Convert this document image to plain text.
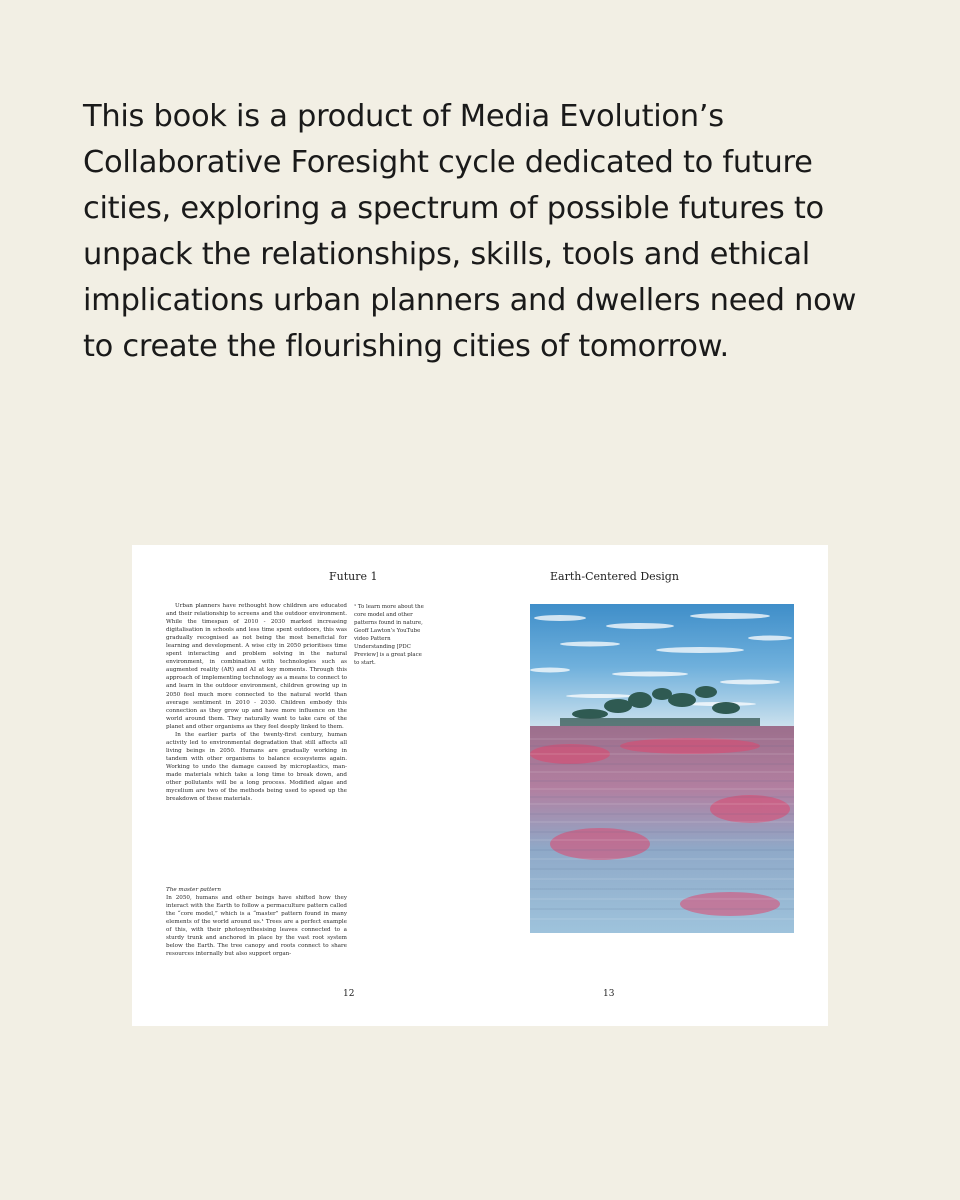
This book is a product of Media Evolution’s Collaborative Foresight cycle dedicated to future cities, exploring a spectrum of possible futures to unpack the relationships, skills, tools and ethical implications urban planners and dwellers need now to create the flourishing cities of tomorrow.

Future 1	Earth-Centered Design

Urban planners have rethought how children are educated and their relationship to screens and the outdoor environment. While the timespan of 2010 - 2030 marked increasing digitalisation in schools and less time spent outdoors, this was gradually recognised as not being the most beneficial for learning and development. A wise city in 2050 prioritises time spent interacting and problem solving in the natural environment, in combination with technologies such as augmented reality (AR) and AI at key moments. Through this approach of implementing technology as a means to connect to and learn in the outdoor environment, children growing up in 2050 feel much more connected to the natural world than average sentiment in 2010 - 2030. Children embody this connection as they grow up and have more influence on the world around them. They naturally want to take care of the planet and other organisms as they feel deeply linked to them.

In the earlier parts of the twenty-first century, human activity led to environmental degradation that still affects all living beings in 2050. Humans are gradually working in tandem with other organisms to balance ecosystems again. Working to undo the damage caused by microplastics, man-made materials which take a long time to break down, and other pollutants will be a long process. Modified algae and mycelium are two of the methods being used to speed up the breakdown of these materials.

The master pattern

In 2050, humans and other beings have shifted how they interact with the Earth to follow a permaculture pattern called the “core model,” which is a “master” pattern found in many elements of the world around us.¹ Trees are a perfect example of this, with their photosynthesising leaves connected to a sturdy trunk and anchored in place by the vast root system below the Earth. The tree canopy and roots connect to share resources internally but also support organ-

¹ To learn more about the core model and other patterns found in nature, Geoff Lawton’s YouTube video Pattern Understanding [PDC Preview] is a great place to start.
12	13
